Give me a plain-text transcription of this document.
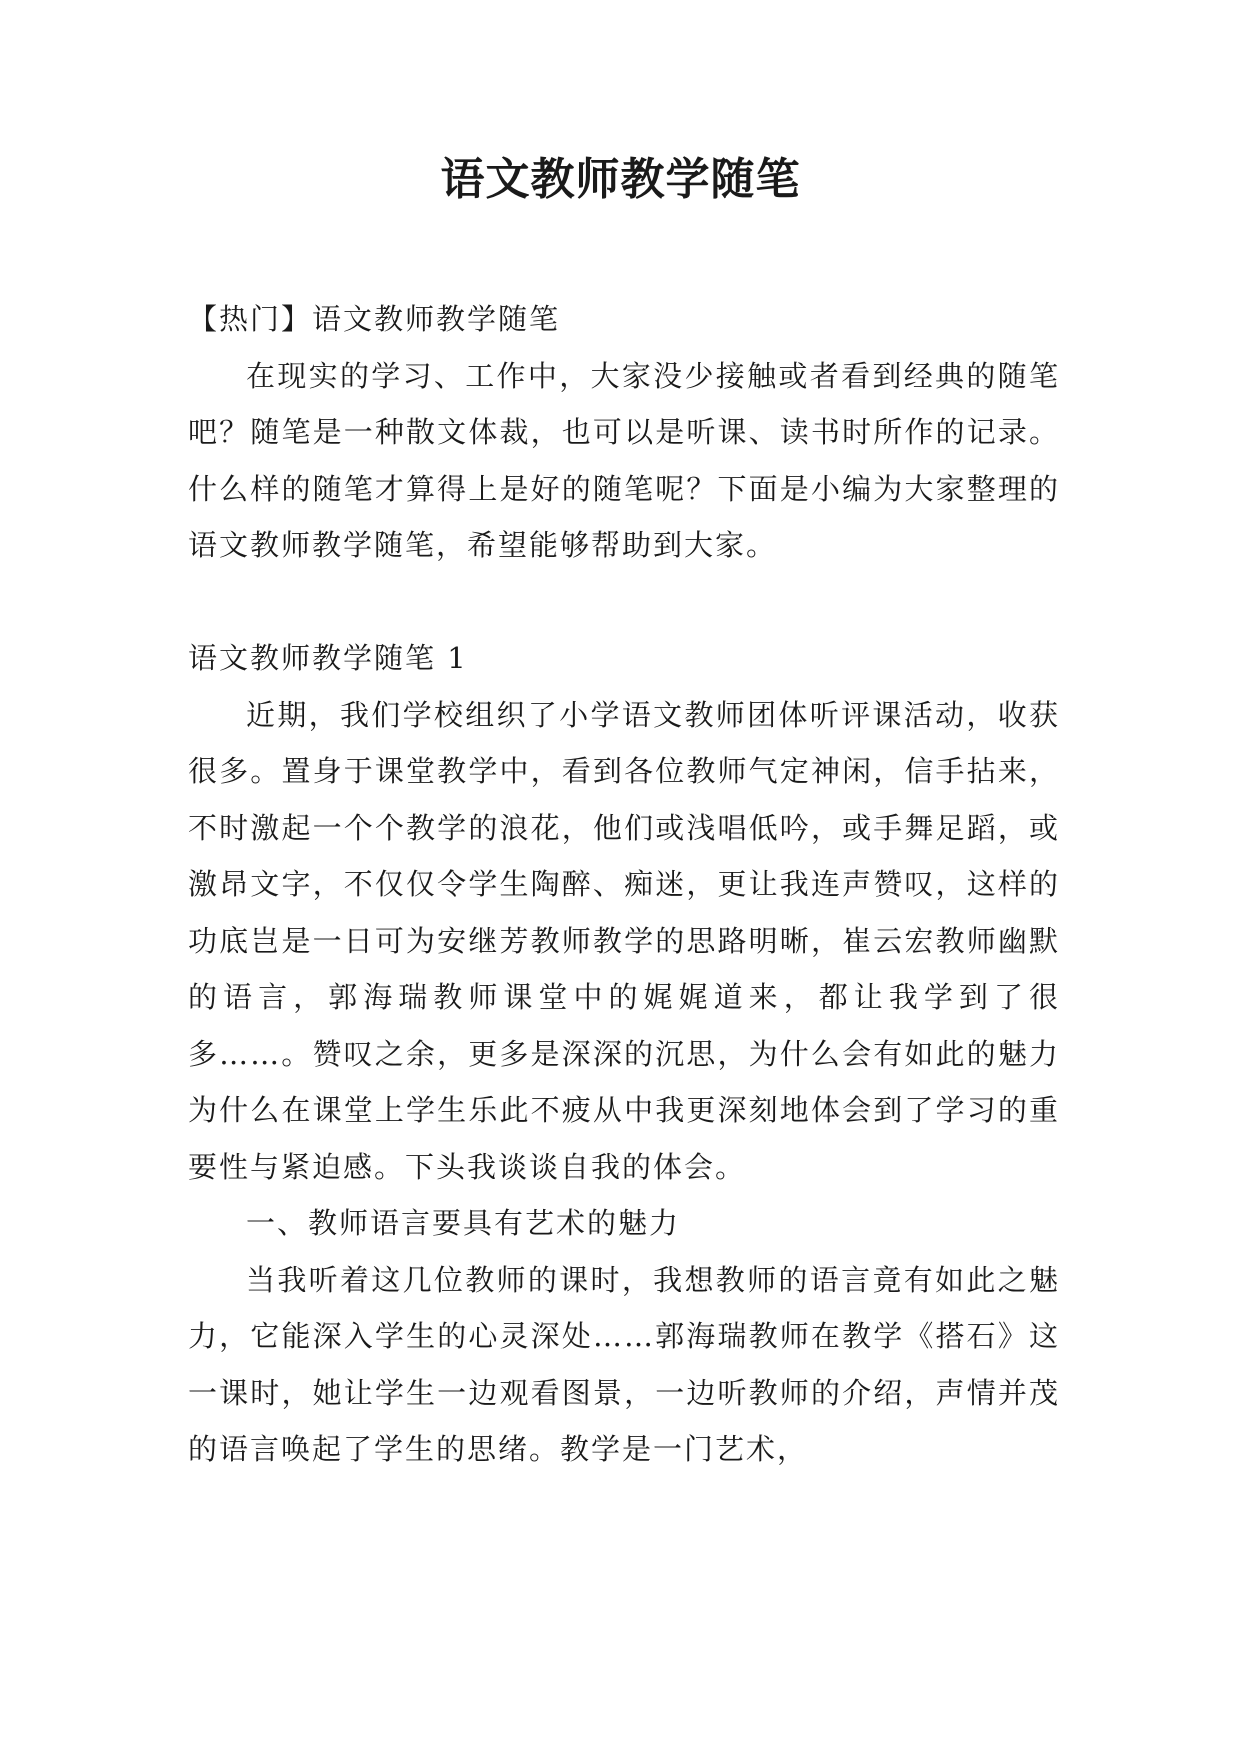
语文教师教学随笔

【热门】语文教师教学随笔

在现实的学习、工作中，大家没少接触或者看到经典的随笔吧？随笔是一种散文体裁，也可以是听课、读书时所作的记录。什么样的随笔才算得上是好的随笔呢？下面是小编为大家整理的语文教师教学随笔，希望能够帮助到大家。

语文教师教学随笔 1

近期，我们学校组织了小学语文教师团体听评课活动，收获很多。置身于课堂教学中，看到各位教师气定神闲，信手拈来，不时激起一个个教学的浪花，他们或浅唱低吟，或手舞足蹈，或激昂文字，不仅仅令学生陶醉、痴迷，更让我连声赞叹，这样的功底岂是一日可为安继芳教师教学的思路明晰，崔云宏教师幽默的语言，郭海瑞教师课堂中的娓娓道来，都让我学到了很多……。赞叹之余，更多是深深的沉思，为什么会有如此的魅力为什么在课堂上学生乐此不疲从中我更深刻地体会到了学习的重要性与紧迫感。下头我谈谈自我的体会。

一、教师语言要具有艺术的魅力

当我听着这几位教师的课时，我想教师的语言竟有如此之魅力，它能深入学生的心灵深处……郭海瑞教师在教学《搭石》这一课时，她让学生一边观看图景，一边听教师的介绍，声情并茂的语言唤起了学生的思绪。教学是一门艺术，
